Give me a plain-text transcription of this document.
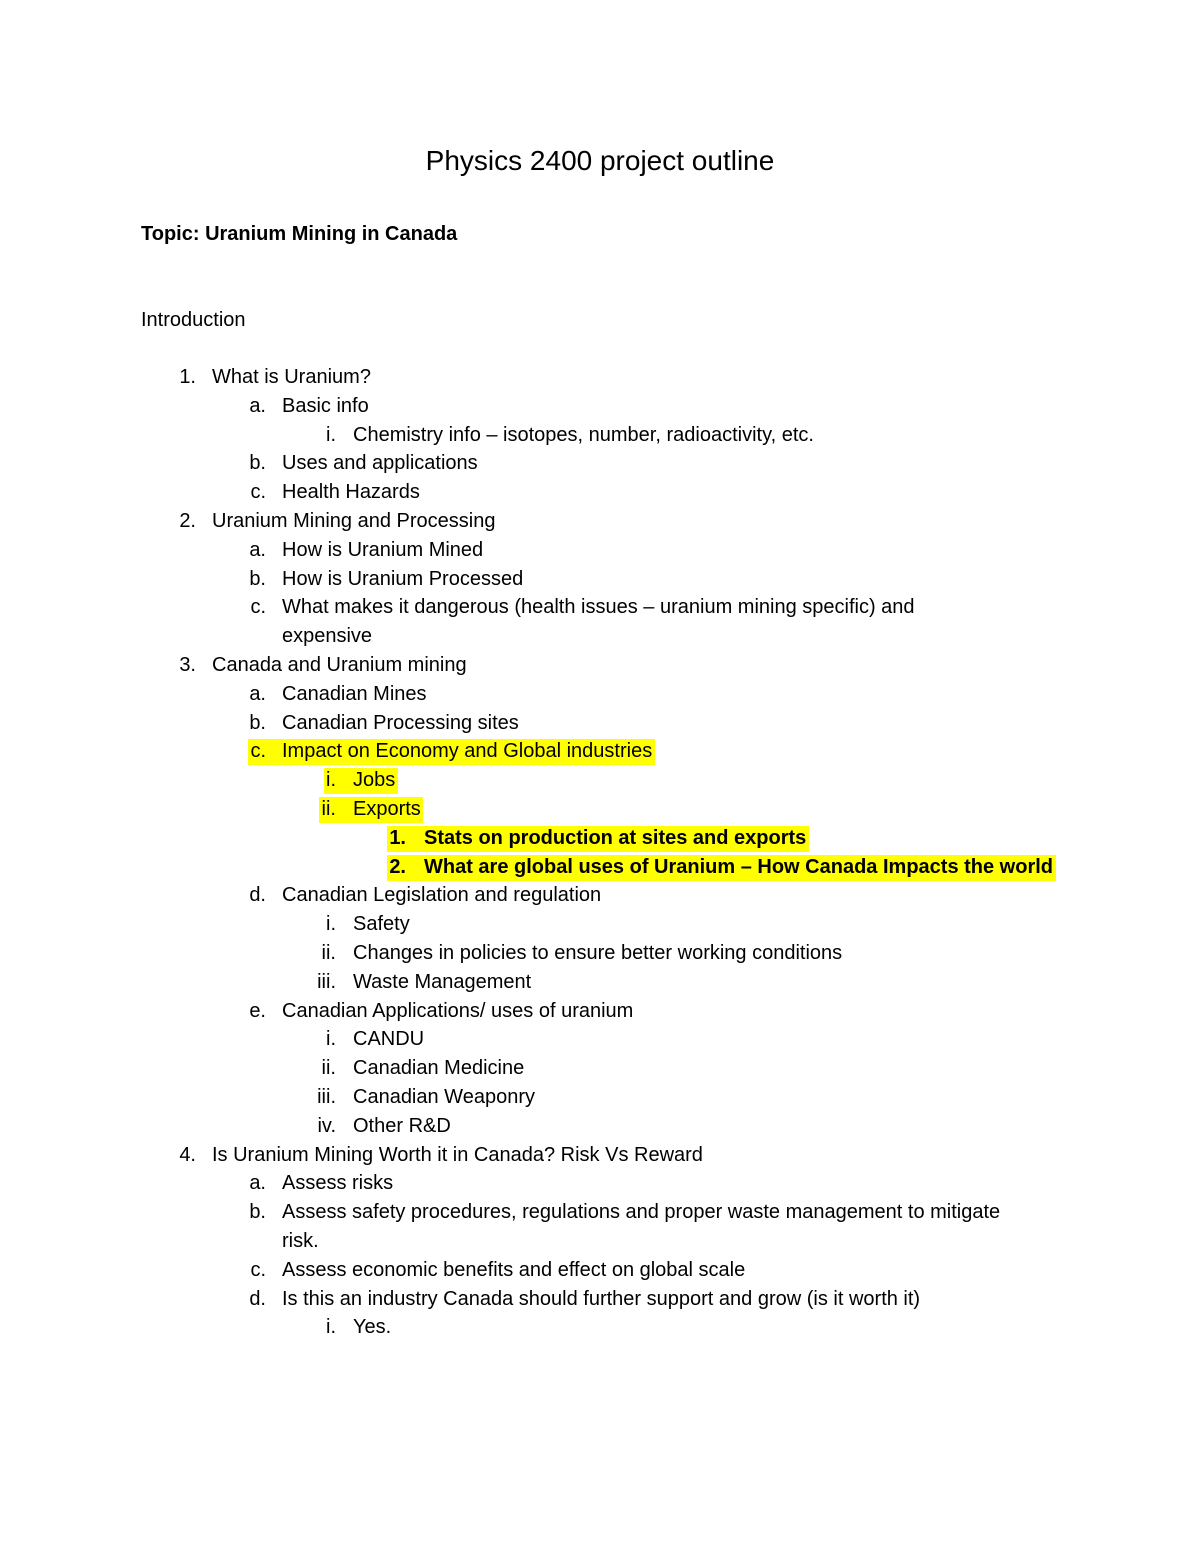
Physics 2400 project outline
Topic: Uranium Mining in Canada
Introduction
1. What is Uranium?
a. Basic info
i. Chemistry info – isotopes, number, radioactivity, etc.
b. Uses and applications
c. Health Hazards
2. Uranium Mining and Processing
a. How is Uranium Mined
b. How is Uranium Processed
c. What makes it dangerous (health issues – uranium mining specific) and
expensive
3. Canada and Uranium mining
a. Canadian Mines
b. Canadian Processing sites
c. Impact on Economy and Global industries
i. Jobs
ii. Exports
1. Stats on production at sites and exports
2. What are global uses of Uranium – How Canada Impacts the world
d. Canadian Legislation and regulation
i. Safety
ii. Changes in policies to ensure better working conditions
iii. Waste Management
e. Canadian Applications/ uses of uranium
i. CANDU
ii. Canadian Medicine
iii. Canadian Weaponry
iv. Other R&D
4. Is Uranium Mining Worth it in Canada? Risk Vs Reward
a. Assess risks
b. Assess safety procedures, regulations and proper waste management to mitigate
risk.
c. Assess economic benefits and effect on global scale
d. Is this an industry Canada should further support and grow (is it worth it)
i. Yes.
